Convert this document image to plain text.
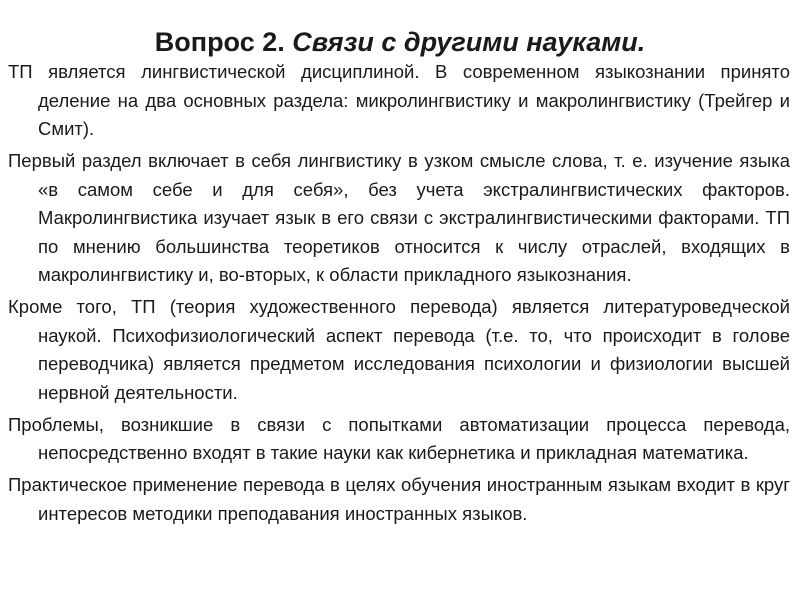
Вопрос 2. Связи с другими науками.

ТП является лингвистической дисциплиной. В современном языкознании принято деление на два основных раздела: микролингвистику и макролингвистику (Трейгер и Смит).

Первый раздел включает в себя лингвистику в узком смысле слова, т. е. изучение языка «в самом себе и для себя», без учета экстралингвистических факторов. Макролингвистика изучает язык в его связи с экстралингвистическими факторами. ТП по мнению большинства теоретиков относится к числу отраслей, входящих в макролингвистику и, во-вторых, к области прикладного языкознания.

Кроме того, ТП (теория художественного перевода) является литературоведческой наукой. Психофизиологический аспект перевода (т.е. то, что происходит в голове переводчика) является предметом исследования психологии и физиологии высшей нервной деятельности.

Проблемы, возникшие в связи с попытками автоматизации процесса перевода, непосредственно входят в такие науки как кибернетика и прикладная математика.

Практическое применение перевода в целях обучения иностранным языкам входит в круг интересов методики преподавания иностранных языков.
